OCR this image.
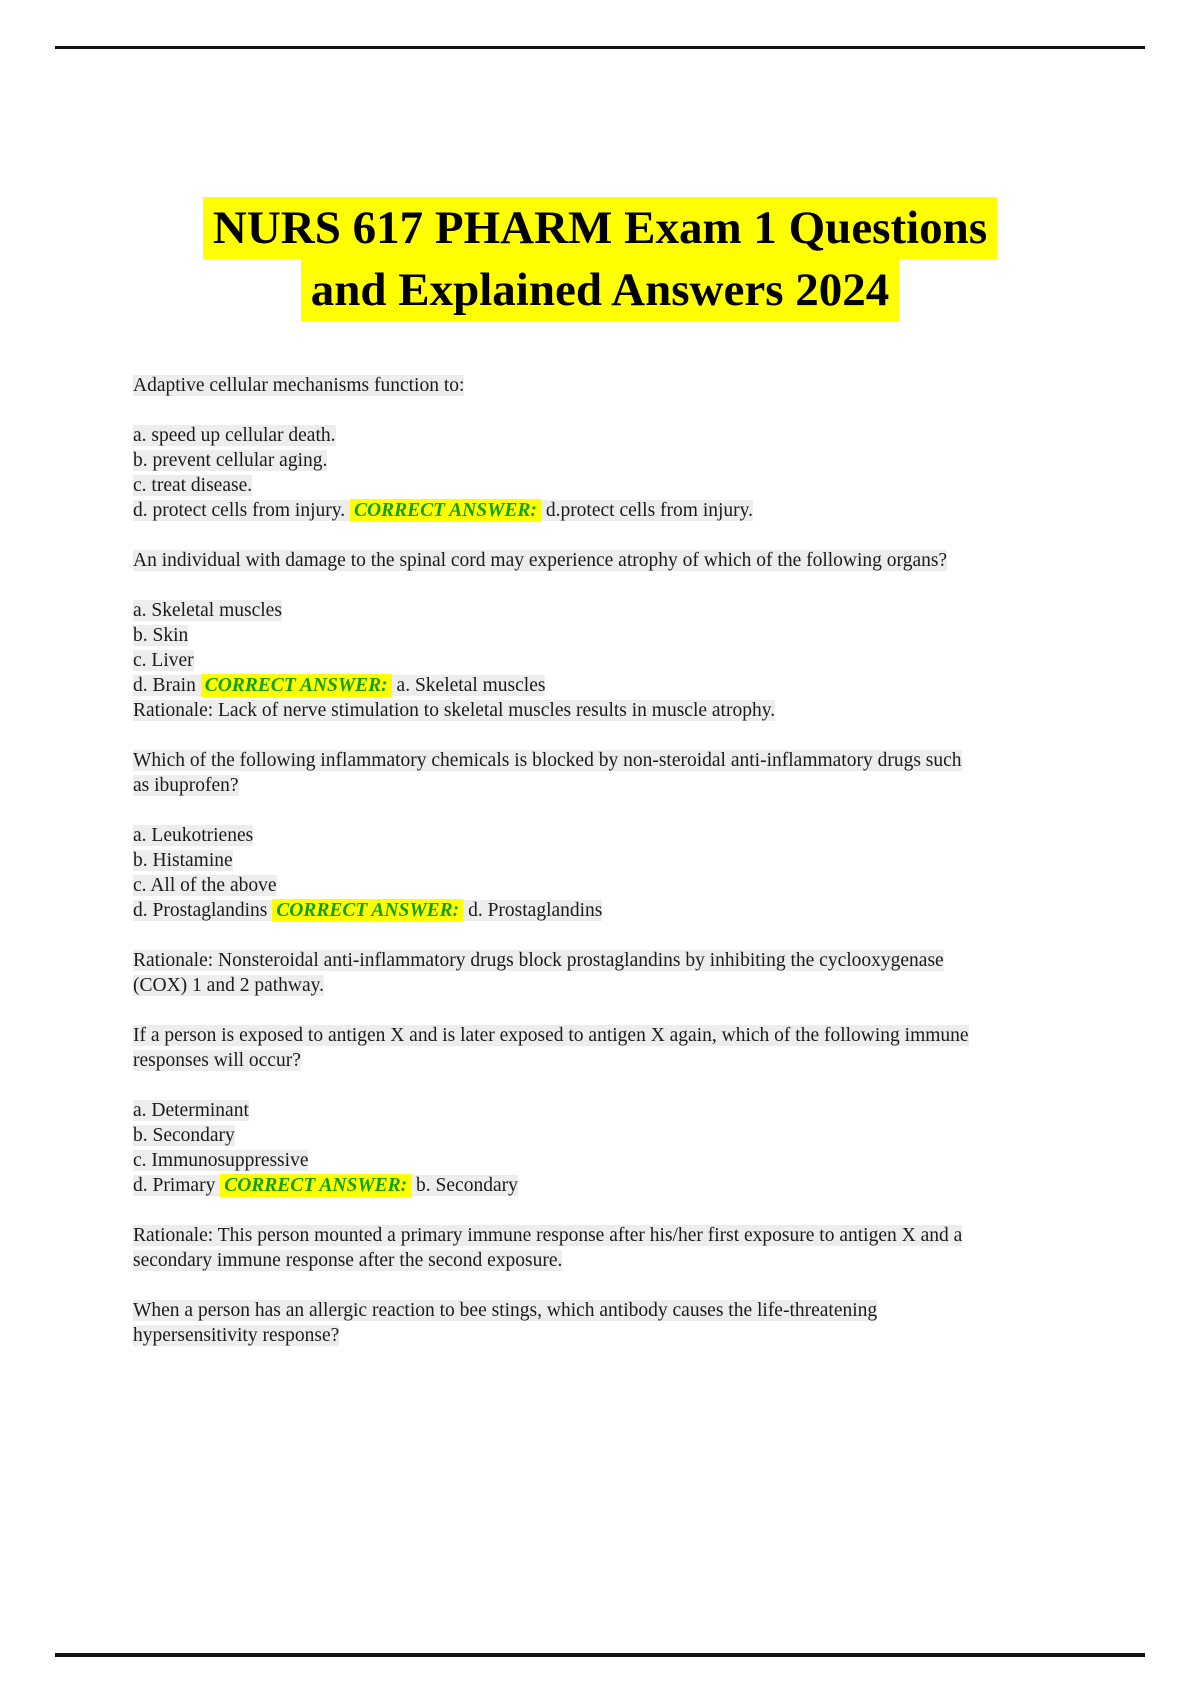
NURS 617 PHARM Exam 1 Questions
and Explained Answers 2024

Adaptive cellular mechanisms function to:

a. speed up cellular death.
b. prevent cellular aging.
c. treat disease.
d. protect cells from injury. CORRECT ANSWER: d.protect cells from injury.

An individual with damage to the spinal cord may experience atrophy of which of the following organs?

a. Skeletal muscles
b. Skin
c. Liver
d. Brain CORRECT ANSWER: a. Skeletal muscles
Rationale: Lack of nerve stimulation to skeletal muscles results in muscle atrophy.

Which of the following inflammatory chemicals is blocked by non-steroidal anti-inflammatory drugs such as ibuprofen?

a. Leukotrienes
b. Histamine
c. All of the above
d. Prostaglandins CORRECT ANSWER: d. Prostaglandins

Rationale: Nonsteroidal anti-inflammatory drugs block prostaglandins by inhibiting the cyclooxygenase (COX) 1 and 2 pathway.

If a person is exposed to antigen X and is later exposed to antigen X again, which of the following immune responses will occur?

a. Determinant
b. Secondary
c. Immunosuppressive
d. Primary CORRECT ANSWER: b. Secondary

Rationale: This person mounted a primary immune response after his/her first exposure to antigen X and a secondary immune response after the second exposure.

When a person has an allergic reaction to bee stings, which antibody causes the life-threatening hypersensitivity response?
